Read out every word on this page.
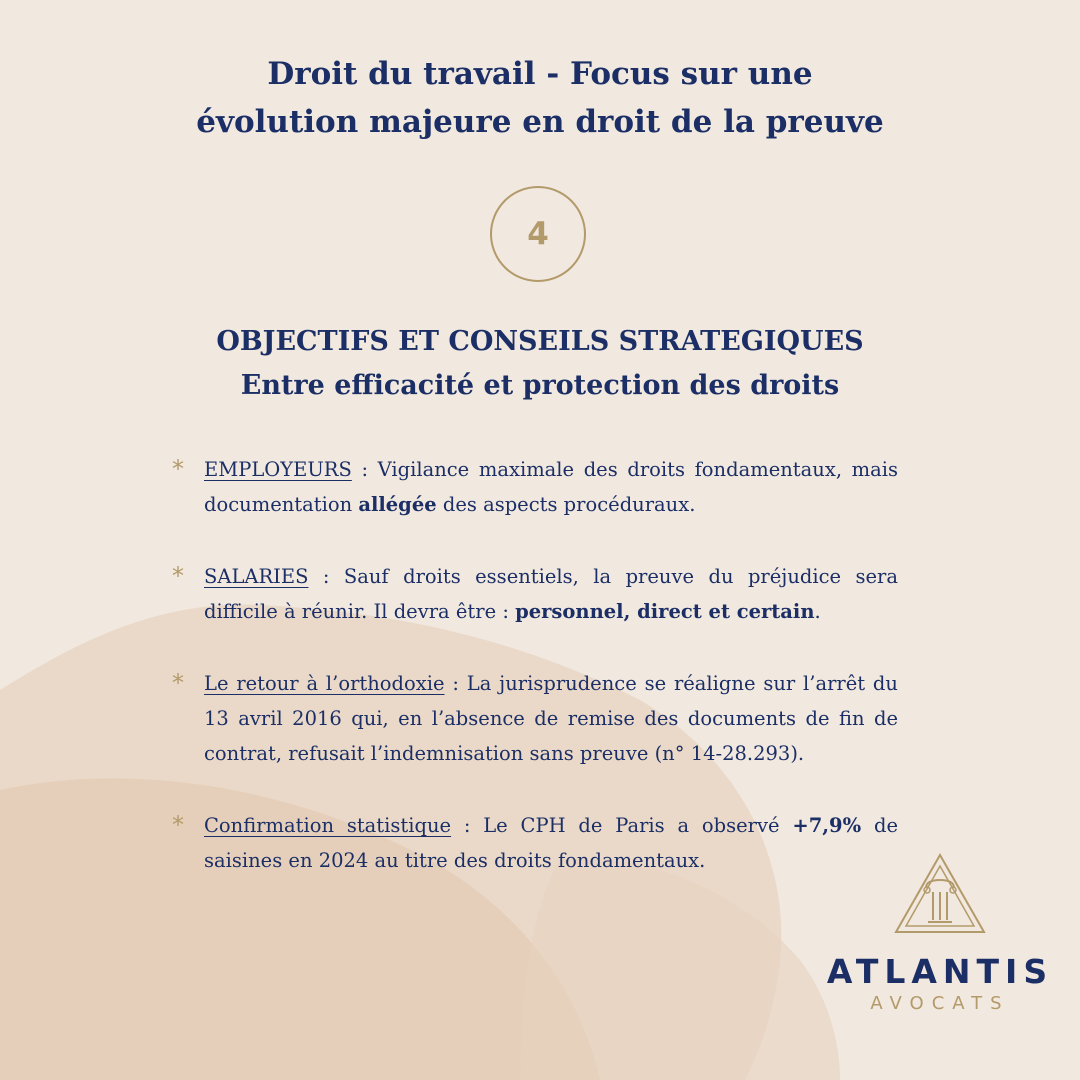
Droit du travail - Focus sur une
évolution majeure en droit de la preuve
4
OBJECTIFS ET CONSEILS STRATEGIQUES
Entre efficacité et protection des droits
* EMPLOYEURS : Vigilance maximale des droits fondamentaux, mais documentation allégée des aspects procéduraux.
* SALARIES : Sauf droits essentiels, la preuve du préjudice sera difficile à réunir. Il devra être : personnel, direct et certain.
* Le retour à l’orthodoxie : La jurisprudence se réaligne sur l’arrêt du 13 avril 2016 qui, en l’absence de remise des documents de fin de contrat, refusait l’indemnisation sans preuve (n° 14-28.293).
* Confirmation statistique : Le CPH de Paris a observé +7,9% de saisines en 2024 au titre des droits fondamentaux.
ATLANTIS
AVOCATS
